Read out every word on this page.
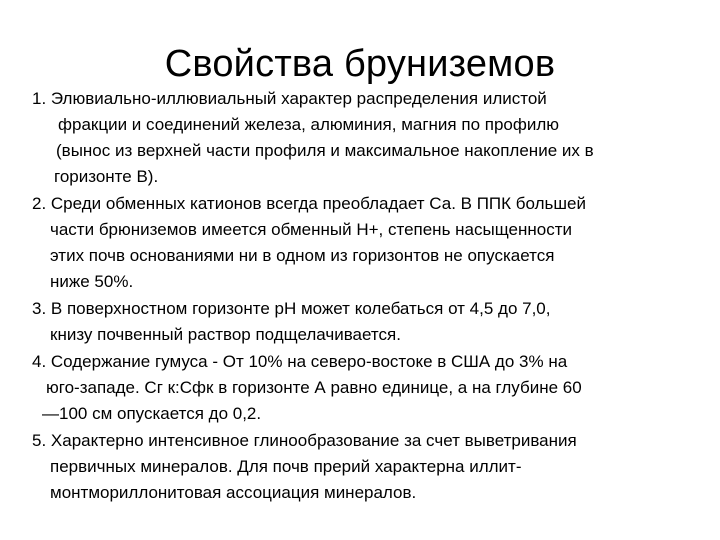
Свойства бруниземов

1. Элювиально-иллювиальный характер распределения илистой

фракции и соединений железа, алюминия, магния по профилю

(вынос из верхней части профиля и максимальное накопление их в

горизонте В).

2. Среди обменных катионов всегда преобладает Са. В ППК большей

части брюниземов имеется обменный Н+, степень насыщенности

этих почв основаниями ни в одном из горизонтов не опускается

ниже 50%.

3. В поверхностном горизонте рН может колебаться от 4,5 до 7,0,

книзу почвенный раствор подщелачивается.

4. Содержание гумуса - От 10% на северо-востоке в США до 3% на

юго-западе. Сг к:Сфк в горизонте А равно единице, а на глубине 60

—100 см опускается до 0,2.

5. Характерно интенсивное глинообразование за счет выветривания

первичных минералов. Для почв прерий характерна иллит-

монтмориллонитовая ассоциация минералов.
